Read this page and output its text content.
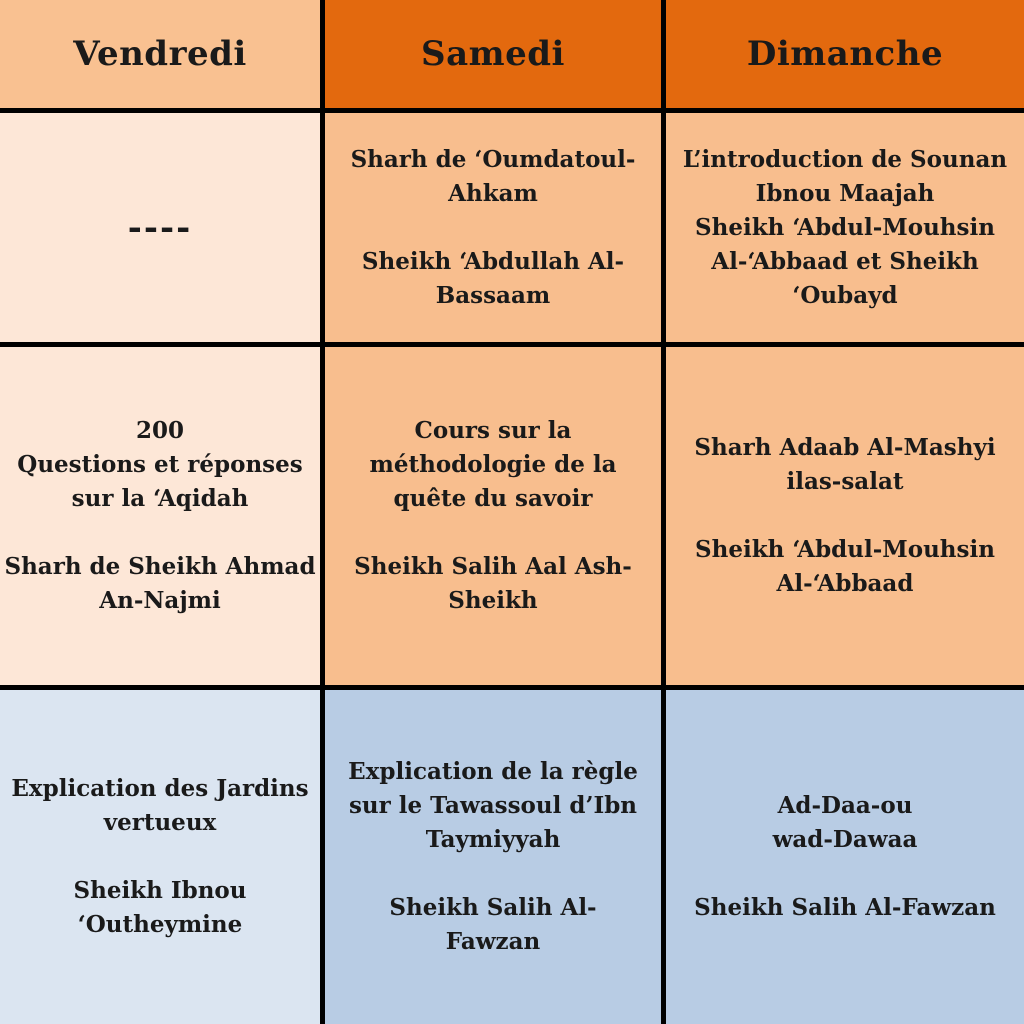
Vendredi	Samedi	Dimanche
----
Sharh de ‘Oumdatoul-
Ahkam
Sheikh ‘Abdullah Al-
Bassaam
L’introduction de Sounan
Ibnou Maajah
Sheikh ‘Abdul-Mouhsin
Al-‘Abbaad et Sheikh
‘Oubayd
200
Questions et réponses
sur la ‘Aqidah
Sharh de Sheikh Ahmad
An-Najmi
Cours sur la
méthodologie de la
quête du savoir
Sheikh Salih Aal Ash-
Sheikh
Sharh Adaab Al-Mashyi
ilas-salat
Sheikh ‘Abdul-Mouhsin
Al-‘Abbaad
Explication des Jardins
vertueux
Sheikh Ibnou
‘Outheymine
Explication de la règle
sur le Tawassoul d’Ibn
Taymiyyah
Sheikh Salih Al-
Fawzan
Ad-Daa-ou
wad-Dawaa
Sheikh Salih Al-Fawzan
